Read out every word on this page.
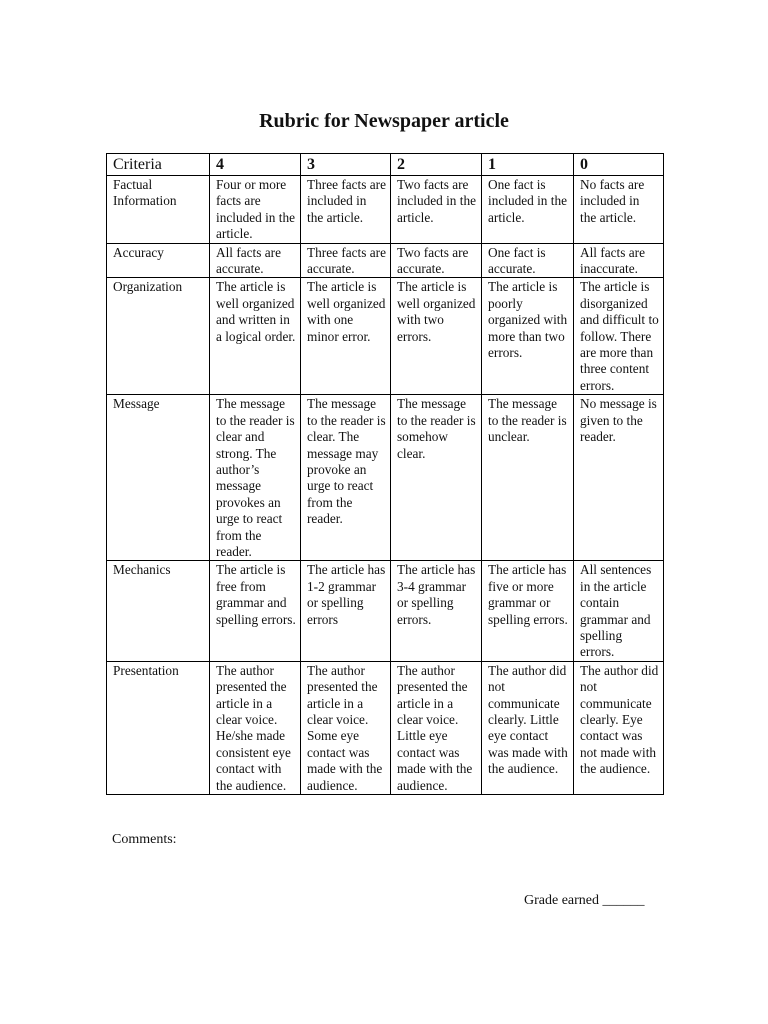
Rubric for Newspaper article
Criteria	4	3	2	1	0
Factual Information	Four or more facts are included in the article.	Three facts are included in the article.	Two facts are included in the article.	One fact is included in the article.	No facts are included in the article.
Accuracy	All facts are accurate.	Three facts are accurate.	Two facts are accurate.	One fact is accurate.	All facts are inaccurate.
Organization	The article is well organized and written in a logical order.	The article is well organized with one minor error.	The article is well organized with two errors.	The article is poorly organized with more than two errors.	The article is disorganized and difficult to follow. There are more than three content errors.
Message	The message to the reader is clear and strong. The author’s message provokes an urge to react from the reader.	The message to the reader is clear. The message may provoke an urge to react from the reader.	The message to the reader is somehow clear.	The message to the reader is unclear.	No message is given to the reader.
Mechanics	The article is free from grammar and spelling errors.	The article has 1-2 grammar or spelling errors	The article has 3-4 grammar or spelling errors.	The article has five or more grammar or spelling errors.	All sentences in the article contain grammar and spelling errors.
Presentation	The author presented the article in a clear voice. He/she made consistent eye contact with the audience.	The author presented the article in a clear voice. Some eye contact was made with the audience.	The author presented the article in a clear voice. Little eye contact was made with the audience.	The author did not communicate clearly. Little eye contact was made with the audience.	The author did not communicate clearly. Eye contact was not made with the audience.
Comments:
Grade earned ______
